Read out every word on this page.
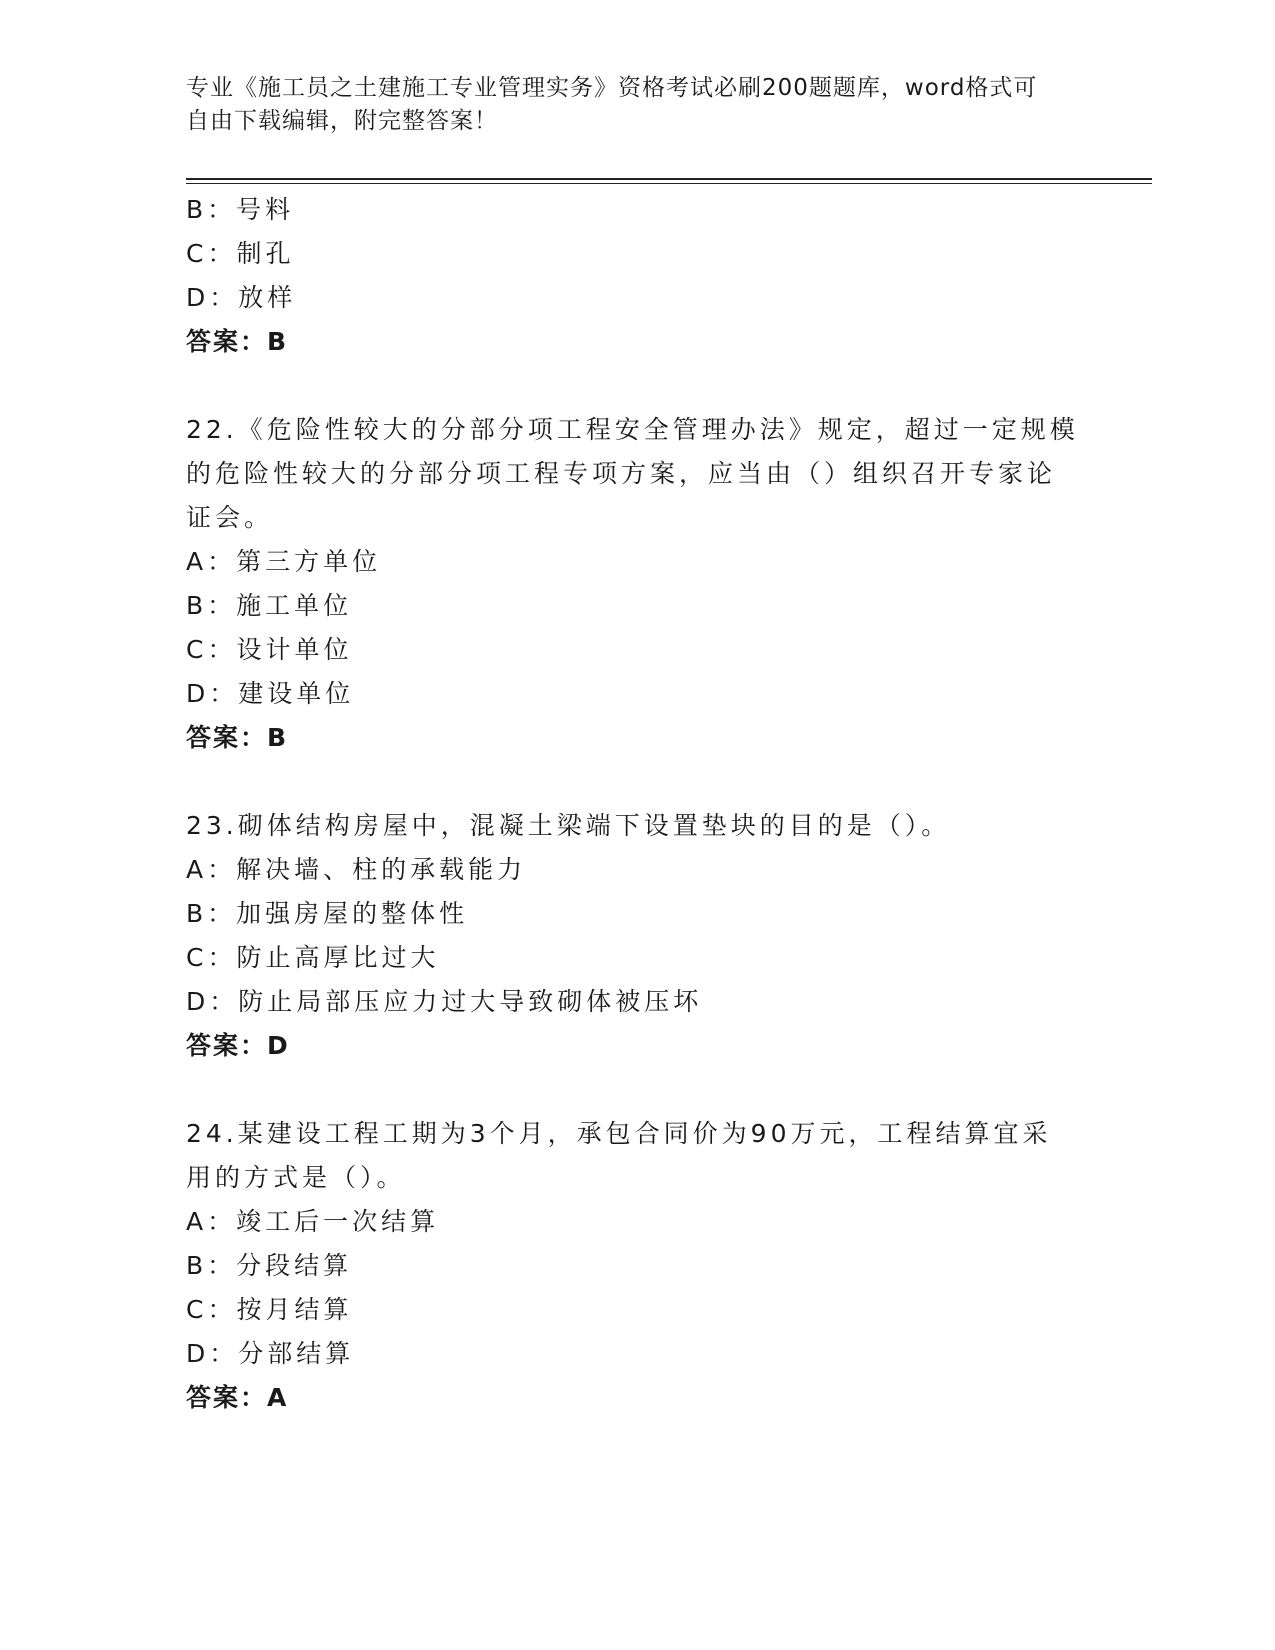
专业《施工员之土建施工专业管理实务》资格考试必刷200题题库，word格式可
自由下载编辑，附完整答案！
B：号料
C：制孔
D：放样
答案：B
22.《危险性较大的分部分项工程安全管理办法》规定，超过一定规模
的危险性较大的分部分项工程专项方案，应当由（）组织召开专家论
证会。
A：第三方单位
B：施工单位
C：设计单位
D：建设单位
答案：B
23.砌体结构房屋中，混凝土梁端下设置垫块的目的是（）。
A：解决墙、柱的承载能力
B：加强房屋的整体性
C：防止高厚比过大
D：防止局部压应力过大导致砌体被压坏
答案：D
24.某建设工程工期为3个月，承包合同价为90万元，工程结算宜采
用的方式是（）。
A：竣工后一次结算
B：分段结算
C：按月结算
D：分部结算
答案：A
